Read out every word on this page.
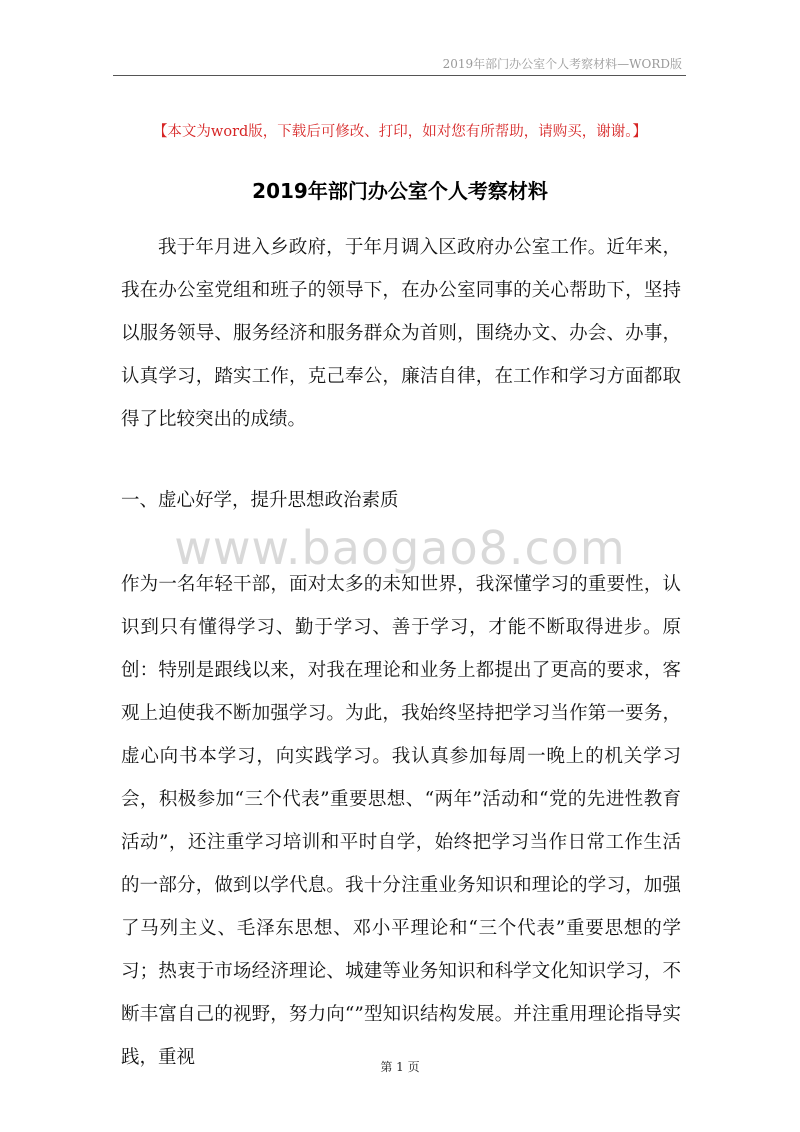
2019年部门办公室个人考察材料—WORD版
【本文为word版，下载后可修改、打印，如对您有所帮助，请购买，谢谢。】
2019年部门办公室个人考察材料

我于年月进入乡政府，于年月调入区政府办公室工作。近年来，我在办公室党组和班子的领导下，在办公室同事的关心帮助下，坚持以服务领导、服务经济和服务群众为首则，围绕办文、办会、办事，认真学习，踏实工作，克己奉公，廉洁自律，在工作和学习方面都取得了比较突出的成绩。

一、虚心好学，提升思想政治素质
www.baogao8.com

作为一名年轻干部，面对太多的未知世界，我深懂学习的重要性，认识到只有懂得学习、勤于学习、善于学习，才能不断取得进步。原创：特别是跟线以来，对我在理论和业务上都提出了更高的要求，客观上迫使我不断加强学习。为此，我始终坚持把学习当作第一要务，虚心向书本学习，向实践学习。我认真参加每周一晚上的机关学习会，积极参加“三个代表”重要思想、“两年”活动和“党的先进性教育活动”，还注重学习培训和平时自学，始终把学习当作日常工作生活的一部分，做到以学代息。我十分注重业务知识和理论的学习，加强了马列主义、毛泽东思想、邓小平理论和“三个代表”重要思想的学习；热衷于市场经济理论、城建等业务知识和科学文化知识学习，不断丰富自己的视野，努力向“”型知识结构发展。并注重用理论指导实践，重视	第 1 页
